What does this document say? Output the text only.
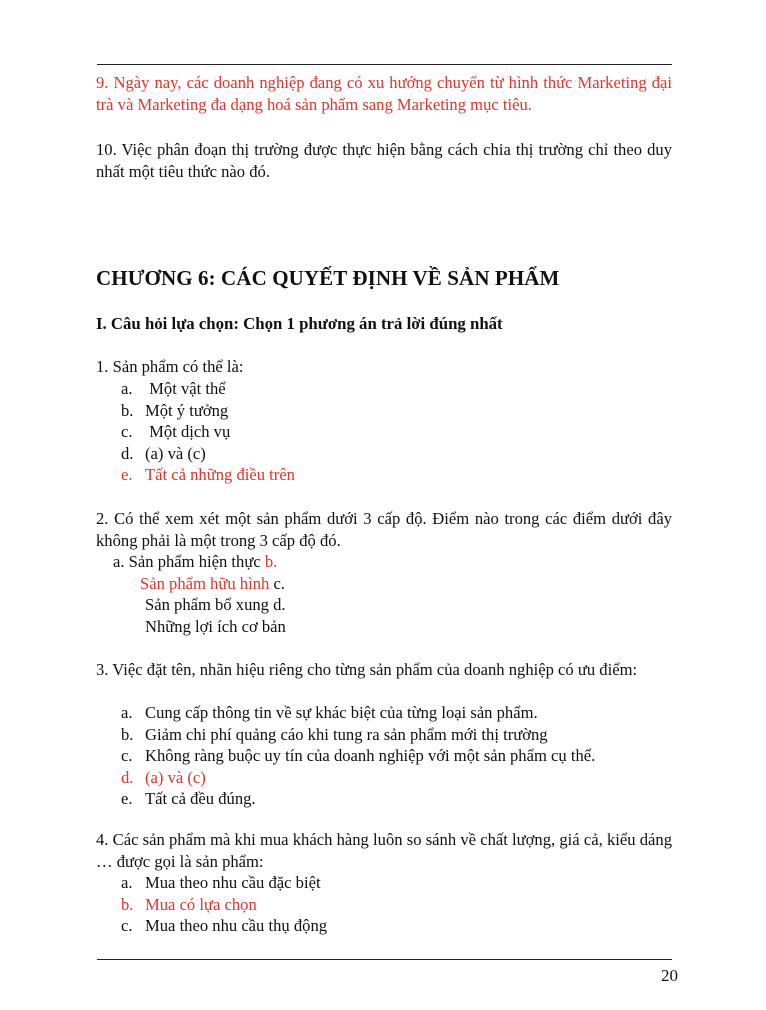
9. Ngày nay, các doanh nghiệp đang có xu hướng chuyển từ hình thức Marketing đại trà và Marketing đa dạng hoá sản phẩm sang Marketing mục tiêu.
10. Việc phân đoạn thị trường được thực hiện bằng cách chia thị trường chỉ theo duy nhất một tiêu thức nào đó.
CHƯƠNG 6: CÁC QUYẾT ĐỊNH VỀ SẢN PHẨM
I. Câu hỏi lựa chọn: Chọn 1 phương án trả lời đúng nhất
1. Sản phẩm có thể là:
a. Một vật thể
b. Một ý tưởng
c. Một dịch vụ
d. (a) và (c)
e. Tất cả những điều trên
2. Có thể xem xét một sản phẩm dưới 3 cấp độ. Điểm nào trong các điểm dưới đây không phải là một trong 3 cấp độ đó.
a. Sản phẩm hiện thực b.
Sản phẩm hữu hình c.
Sản phẩm bổ xung d.
Những lợi ích cơ bản
3. Việc đặt tên, nhãn hiệu riêng cho từng sản phẩm của doanh nghiệp có ưu điểm:
a. Cung cấp thông tin về sự khác biệt của từng loại sản phẩm.
b. Giảm chi phí quảng cáo khi tung ra sản phẩm mới thị trường
c. Không ràng buộc uy tín của doanh nghiệp với một sản phẩm cụ thể.
d. (a) và (c)
e. Tất cả đều đúng.
4. Các sản phẩm mà khi mua khách hàng luôn so sánh về chất lượng, giá cả, kiểu dáng … được gọi là sản phẩm:
a. Mua theo nhu cầu đặc biệt
b. Mua có lựa chọn
c. Mua theo nhu cầu thụ động
20
